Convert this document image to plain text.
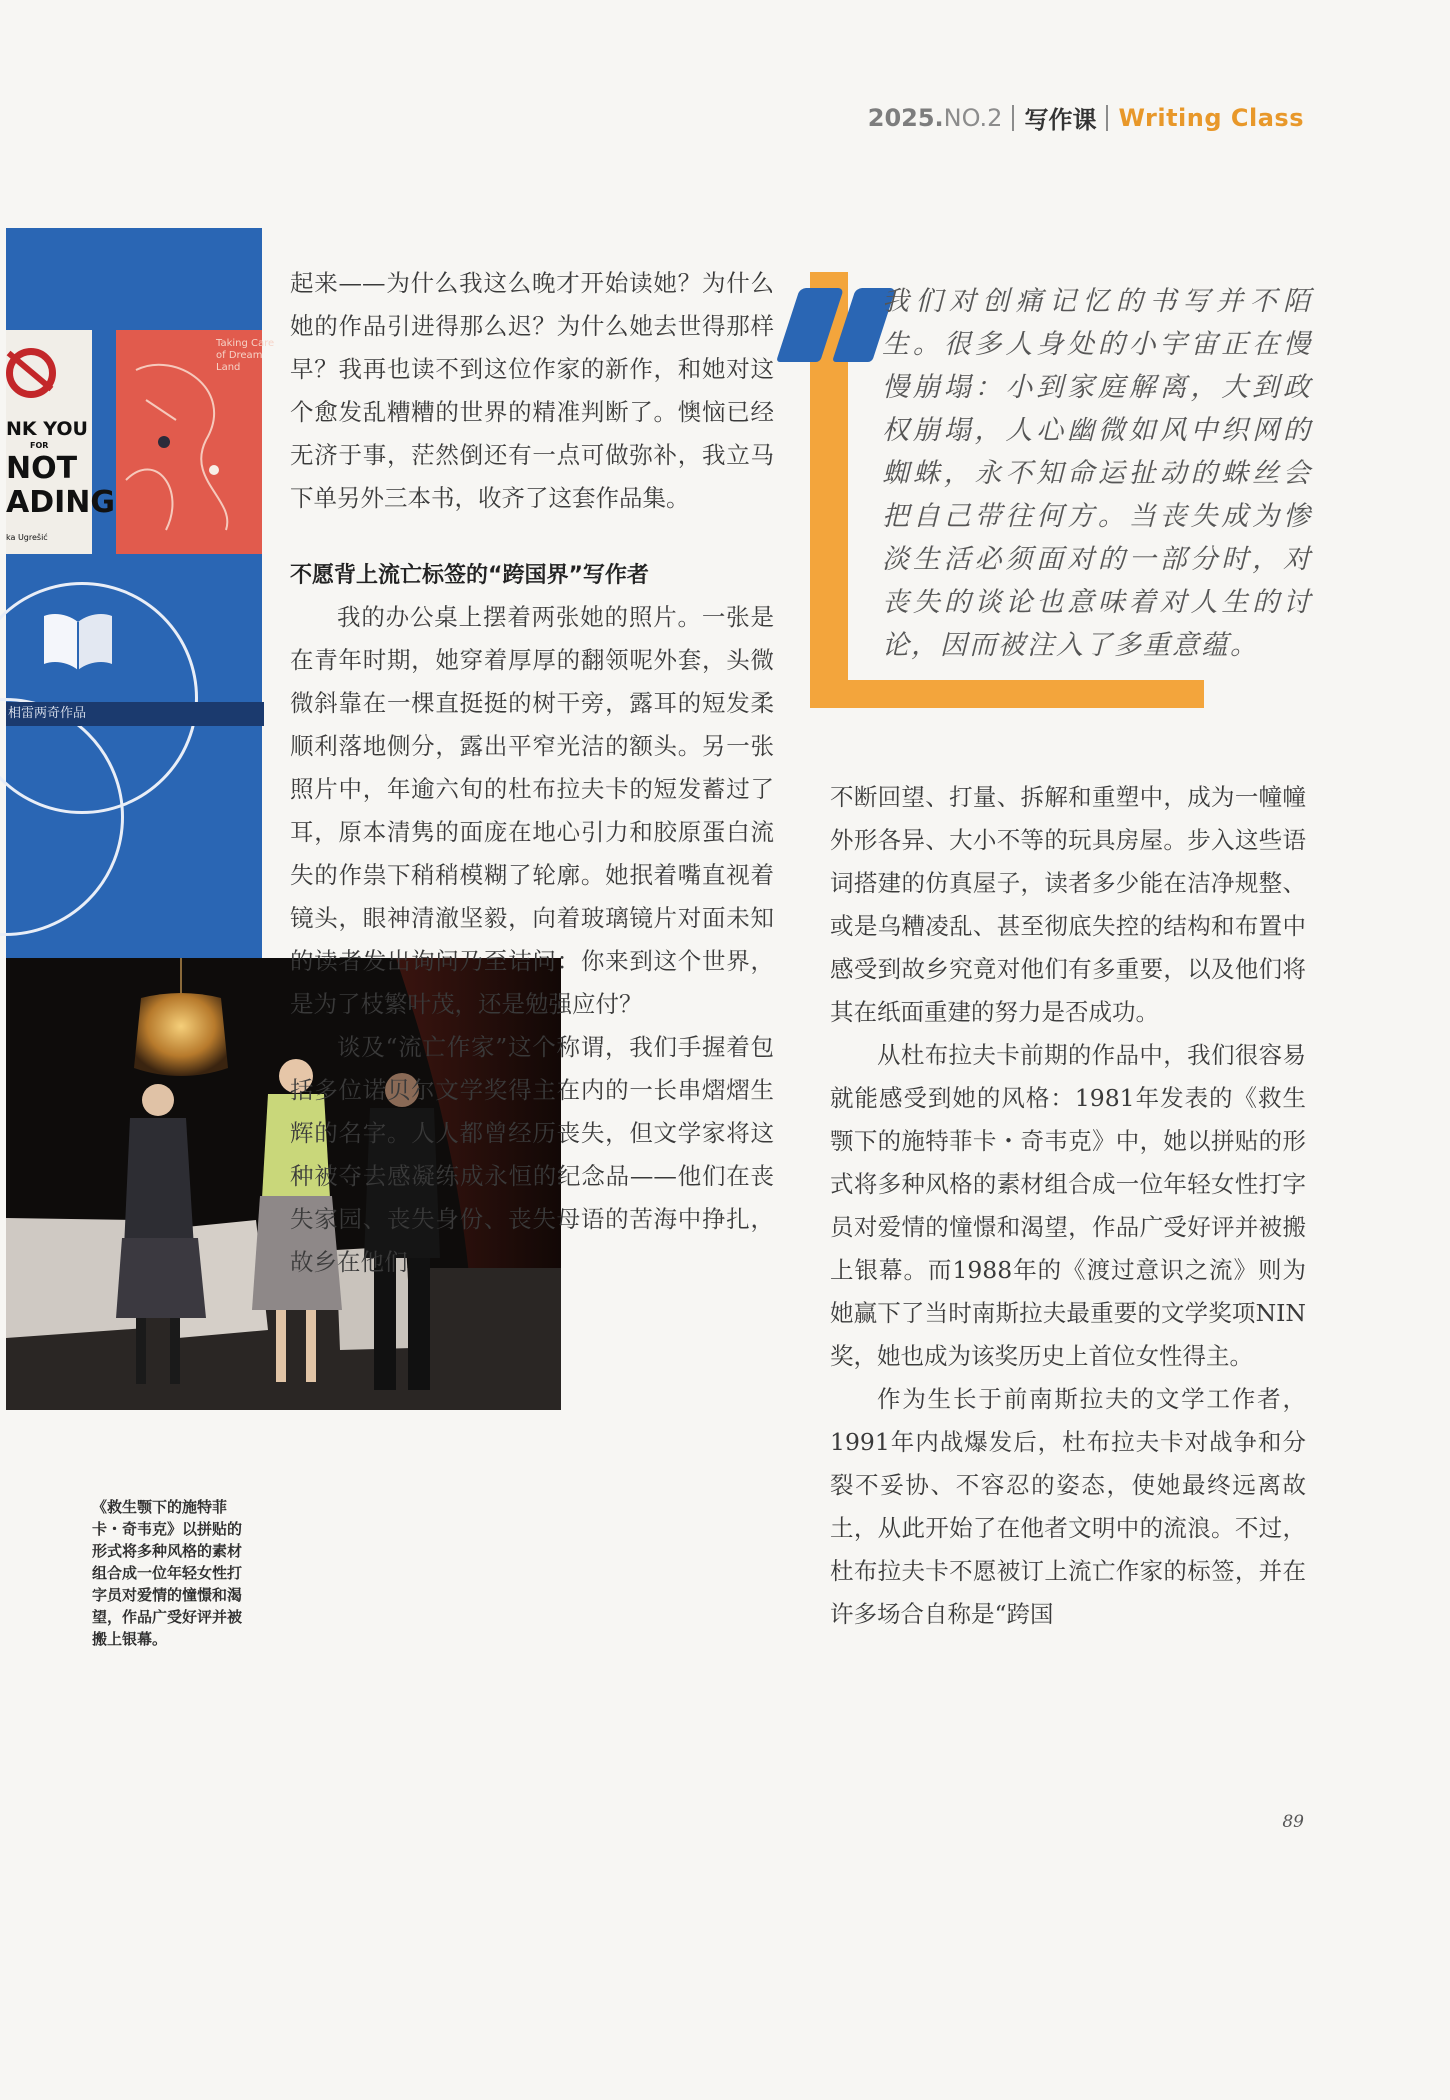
2025. NO.2 写作课 Writing Class
NK YOU
FOR
NOT
ADING
ka Ugrešić
Taking Care of Dream Land
相雷两奇作品
《救生颚下的施特菲卡・奇韦克》以拼贴的形式将多种风格的素材组合成一位年轻女性打字员对爱情的憧憬和渴望，作品广受好评并被搬上银幕。

起来——为什么我这么晚才开始读她？为什么她的作品引进得那么迟？为什么她去世得那样早？我再也读不到这位作家的新作，和她对这个愈发乱糟糟的世界的精准判断了。懊恼已经无济于事，茫然倒还有一点可做弥补，我立马下单另外三本书，收齐了这套作品集。

不愿背上流亡标签的“跨国界”写作者

我的办公桌上摆着两张她的照片。一张是在青年时期，她穿着厚厚的翻领呢外套，头微微斜靠在一棵直挺挺的树干旁，露耳的短发柔顺利落地侧分，露出平窄光洁的额头。另一张照片中，年逾六旬的杜布拉夫卡的短发蓄过了耳，原本清隽的面庞在地心引力和胶原蛋白流失的作祟下稍稍模糊了轮廓。她抿着嘴直视着镜头，眼神清澈坚毅，向着玻璃镜片对面未知的读者发出询问乃至诘问：你来到这个世界，是为了枝繁叶茂，还是勉强应付？

谈及“流亡作家”这个称谓，我们手握着包括多位诺贝尔文学奖得主在内的一长串熠熠生辉的名字。人人都曾经历丧失，但文学家将这种被夺去感凝练成永恒的纪念品——他们在丧失家园、丧失身份、丧失母语的苦海中挣扎，故乡在他们

我们对创痛记忆的书写并不陌生。很多人身处的小宇宙正在慢慢崩塌：小到家庭解离，大到政权崩塌，人心幽微如风中织网的蜘蛛，永不知命运扯动的蛛丝会把自己带往何方。当丧失成为惨淡生活必须面对的一部分时，对丧失的谈论也意味着对人生的讨论，因而被注入了多重意蕴。

不断回望、打量、拆解和重塑中，成为一幢幢外形各异、大小不等的玩具房屋。步入这些语词搭建的仿真屋子，读者多少能在洁净规整、或是乌糟凌乱、甚至彻底失控的结构和布置中感受到故乡究竟对他们有多重要，以及他们将其在纸面重建的努力是否成功。

从杜布拉夫卡前期的作品中，我们很容易就能感受到她的风格：1981年发表的《救生颚下的施特菲卡・奇韦克》中，她以拼贴的形式将多种风格的素材组合成一位年轻女性打字员对爱情的憧憬和渴望，作品广受好评并被搬上银幕。而1988年的《渡过意识之流》则为她赢下了当时南斯拉夫最重要的文学奖项NIN奖，她也成为该奖历史上首位女性得主。

作为生长于前南斯拉夫的文学工作者，1991年内战爆发后，杜布拉夫卡对战争和分裂不妥协、不容忍的姿态，使她最终远离故土，从此开始了在他者文明中的流浪。不过，杜布拉夫卡不愿被订上流亡作家的标签，并在许多场合自称是“跨国

89
